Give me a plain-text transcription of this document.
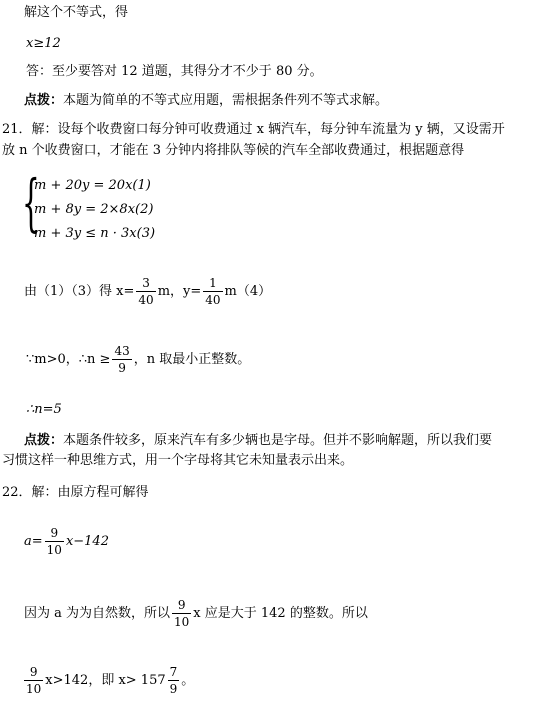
解这个不等式，得
x≥12
答：至少要答对 12 道题，其得分才不少于 80 分。
点拨：本题为简单的不等式应用题，需根据条件列不等式求解。
21．解：设每个收费窗口每分钟可收费通过 x 辆汽车，每分钟车流量为 y 辆，又设需开
放 n 个收费窗口，才能在 3 分钟内将排队等候的汽车全部收费通过，根据题意得
{
m + 20y = 20x(1)
m + 8y = 2×8x(2)
m + 3y ≤ n · 3x(3)
由（1）（3）得 $x= \frac{3}{40}$ m，$y= \frac{1}{40} m(4)$
∵m>0，∴n ≥ $\frac{43}{9}$ ，n 取最小正整数。
∴n=5
点拨：本题条件较多，原来汽车有多少辆也是字母。但并不影响解题，所以我们要
习惯这样一种思维方式，用一个字母将其它未知量表示出来。
22．解：由原方程可解得
$a= \frac{9}{10} x-142$
因为 a 为为自然数，所以 $\frac{9}{10}$ x 应是大于 142 的整数。所以
$\frac{9}{10} x>142$，即 $x> 157 \frac{7}{9}$ 。
